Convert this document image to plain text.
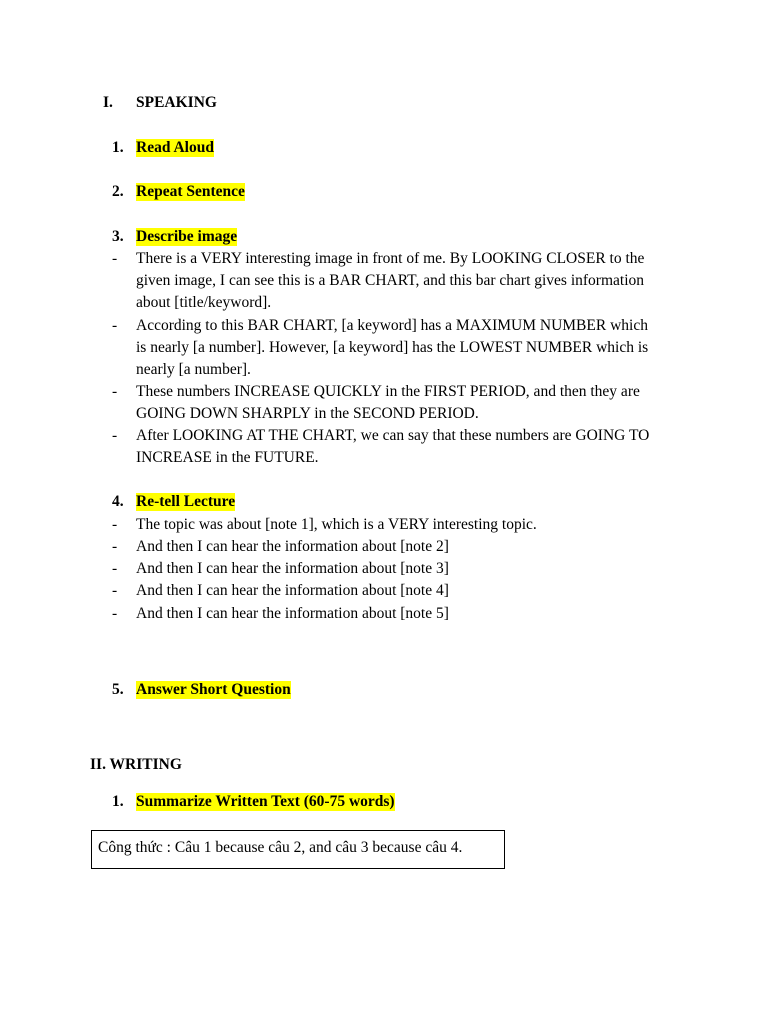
I. SPEAKING
1. Read Aloud
2. Repeat Sentence
3. Describe image
- There is a VERY interesting image in front of me. By LOOKING CLOSER to the
given image, I can see this is a BAR CHART, and this bar chart gives information
about [title/keyword].
- According to this BAR CHART, [a keyword] has a MAXIMUM NUMBER which
is nearly [a number]. However, [a keyword] has the LOWEST NUMBER which is
nearly [a number].
- These numbers INCREASE QUICKLY in the FIRST PERIOD, and then they are
GOING DOWN SHARPLY in the SECOND PERIOD.
- After LOOKING AT THE CHART, we can say that these numbers are GOING TO
INCREASE in the FUTURE.
4. Re-tell Lecture
- The topic was about [note 1], which is a VERY interesting topic.
- And then I can hear the information about [note 2]
- And then I can hear the information about [note 3]
- And then I can hear the information about [note 4]
- And then I can hear the information about [note 5]
5. Answer Short Question
II. WRITING
1. Summarize Written Text (60-75 words)
Công thức : Câu 1 because câu 2, and câu 3 because câu 4.
